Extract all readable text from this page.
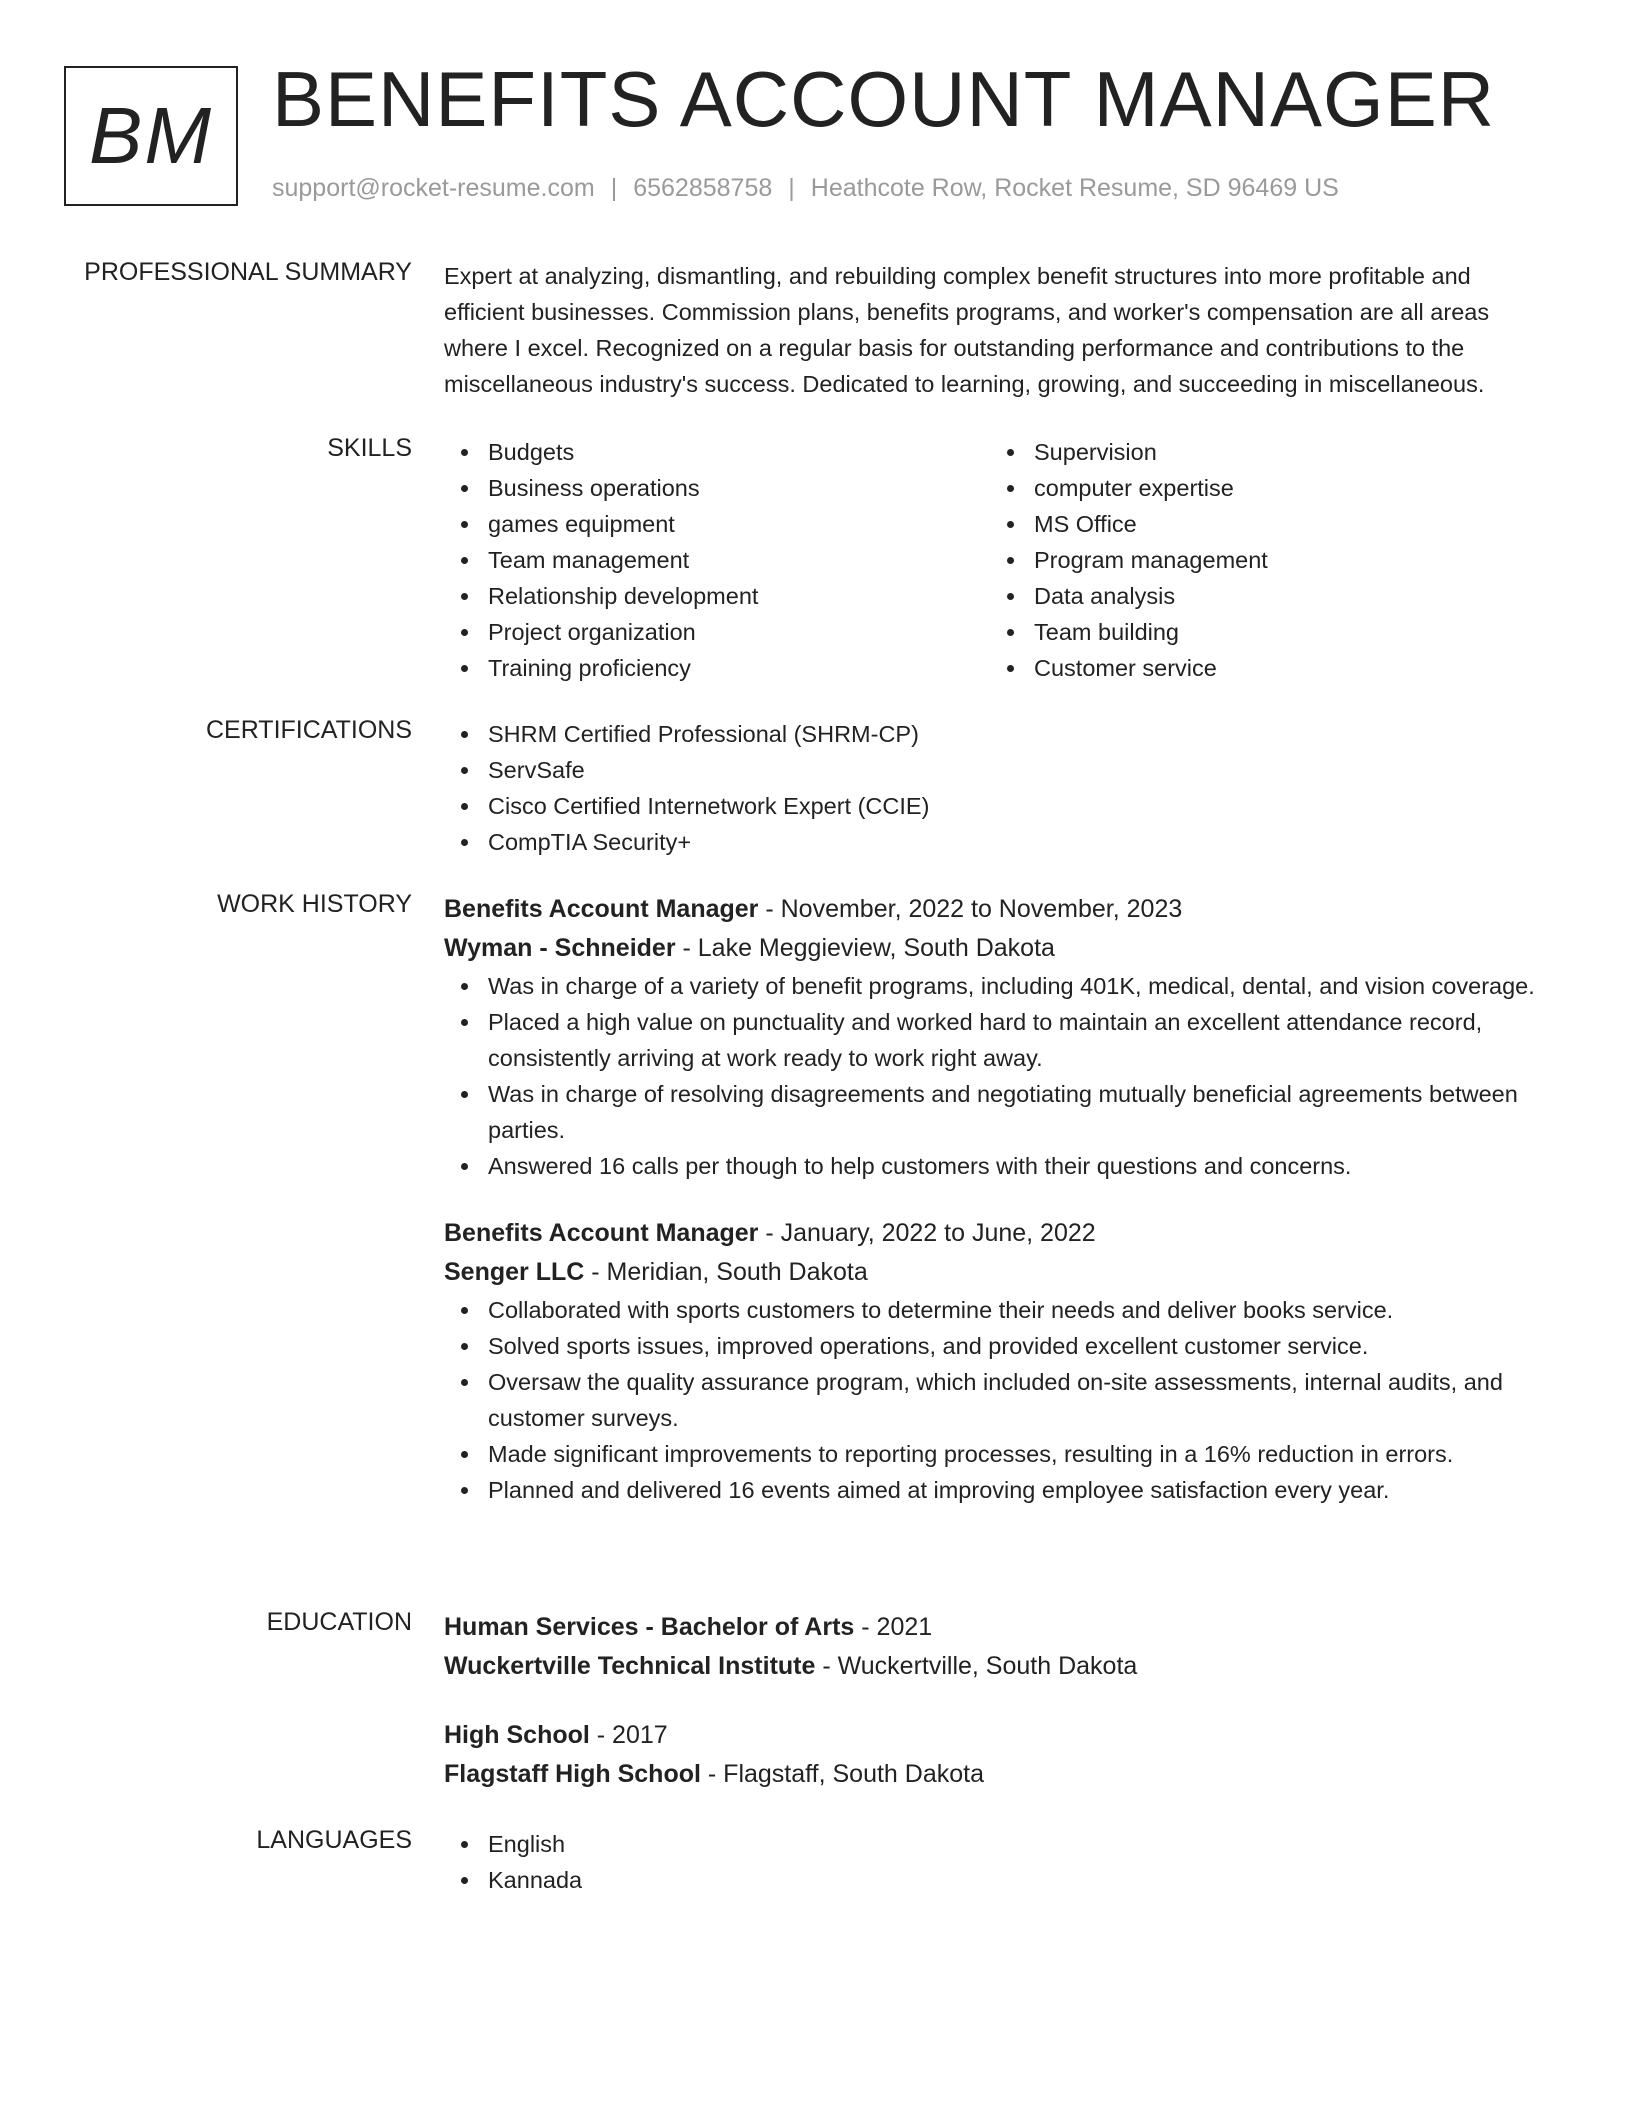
BM BENEFITS ACCOUNT MANAGER
support@rocket-resume.com | 6562858758 | Heathcote Row, Rocket Resume, SD 96469 US
PROFESSIONAL SUMMARY Expert at analyzing, dismantling, and rebuilding complex benefit structures into more profitable and efficient businesses. Commission plans, benefits programs, and worker's compensation are all areas where I excel. Recognized on a regular basis for outstanding performance and contributions to the miscellaneous industry's success. Dedicated to learning, growing, and succeeding in miscellaneous.

SKILLS	Budgets
Business operations
games equipment
Team management
Relationship development
Project organization
Training proficiency
Supervision
computer expertise
MS Office
Program management
Data analysis
Team building
Customer service
CERTIFICATIONS	SHRM Certified Professional (SHRM-CP)
ServSafe
Cisco Certified Internetwork Expert (CCIE)
CompTIA Security+
WORK HISTORY Benefits Account Manager - November, 2022 to November, 2023
Wyman - Schneider - Lake Meggieview, South Dakota
Was in charge of a variety of benefit programs, including 401K, medical, dental, and vision coverage.
Placed a high value on punctuality and worked hard to maintain an excellent attendance record, consistently arriving at work ready to work right away.
Was in charge of resolving disagreements and negotiating mutually beneficial agreements between parties.
Answered 16 calls per though to help customers with their questions and concerns.
Benefits Account Manager - January, 2022 to June, 2022
Senger LLC - Meridian, South Dakota
Collaborated with sports customers to determine their needs and deliver books service.
Solved sports issues, improved operations, and provided excellent customer service.
Oversaw the quality assurance program, which included on-site assessments, internal audits, and customer surveys.
Made significant improvements to reporting processes, resulting in a 16% reduction in errors.
Planned and delivered 16 events aimed at improving employee satisfaction every year.
EDUCATION Human Services - Bachelor of Arts - 2021
Wuckertville Technical Institute - Wuckertville, South Dakota
High School - 2017
Flagstaff High School - Flagstaff, South Dakota
LANGUAGES	English
Kannada
